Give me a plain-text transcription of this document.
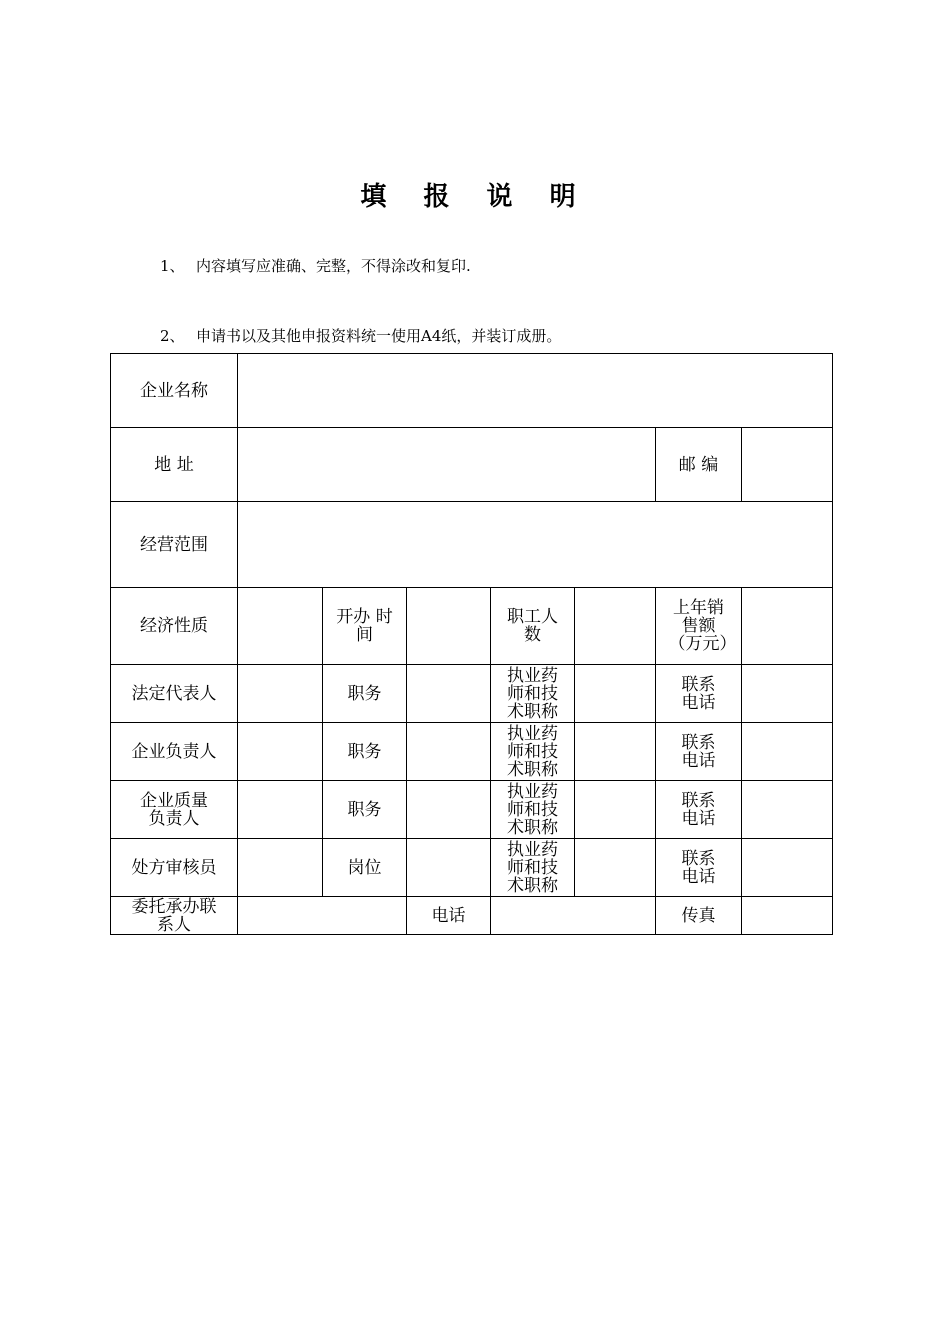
填 报 说 明
1、 内容填写应准确、完整，不得涂改和复印.
2、 申请书以及其他申报资料统一使用A4纸，并装订成册。
企业名称							
地 址						邮 编	
经营范围							
经济性质		开办 时间		职工人数		上年销售额（万元）	

法定代表人		职务		执业药师和技术职称		联系电话	

企业负责人		职务		执业药师和技术职称		联系电话	

企业质量负责人		职务		执业药师和技术职称		联系电话	

处方审核员		岗位		执业药师和技术职称		联系电话	

委托承办联系人			电话			传真	
